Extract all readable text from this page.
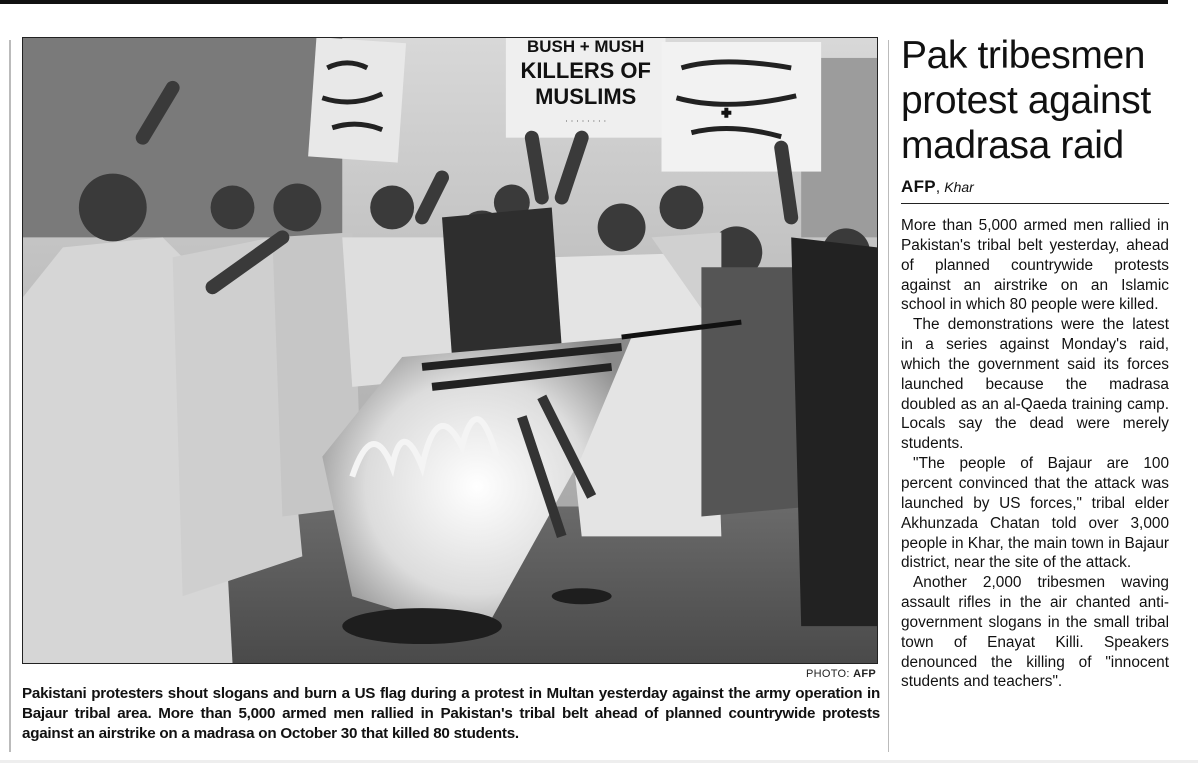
BUSH + MUSH
KILLERS OF
MUSLIMS
· · · · · · · ·
PHOTO: AFP
Pakistani protesters shout slogans and burn a US flag during a protest in Multan yesterday against the army operation in Bajaur tribal area. More than 5,000 armed men rallied in Pakistan's tribal belt ahead of planned countrywide protests against an airstrike on a madrasa on October 30 that killed 80 students.
Pak tribesmen protest against madrasa raid
AFP, Khar

More than 5,000 armed men rallied in Pakistan's tribal belt yesterday, ahead of planned countrywide protests against an airstrike on an Islamic school in which 80 people were killed.

The demonstrations were the latest in a series against Monday's raid, which the government said its forces launched because the madrasa doubled as an al-Qaeda training camp. Locals say the dead were merely students.

"The people of Bajaur are 100 percent convinced that the attack was launched by US forces," tribal elder Akhunzada Chatan told over 3,000 people in Khar, the main town in Bajaur district, near the site of the attack.

Another 2,000 tribesmen waving assault rifles in the air chanted anti-government slogans in the small tribal town of Enayat Killi. Speakers denounced the killing of "innocent students and teachers".
